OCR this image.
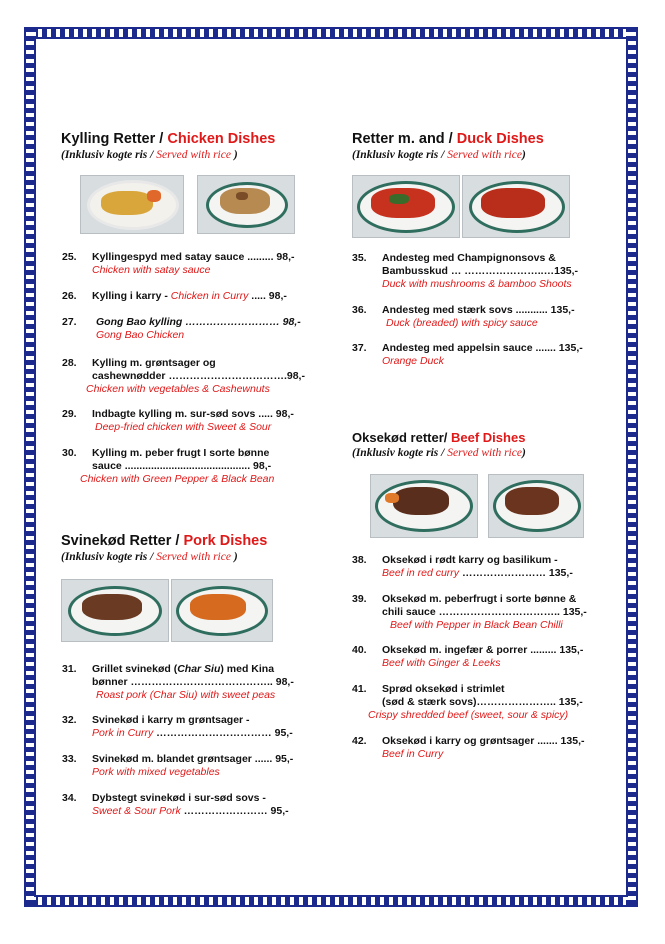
Kylling Retter / Chicken Dishes
(Inklusiv kogte ris / Served with rice )
25. Kyllingespyd med satay sauce ......... 98,-
Chicken with satay sauce
26. Kylling i karry - Chicken in Curry ..... 98,-
27. Gong Bao kylling ……………………… 98,-
Gong Bao Chicken
28. Kylling m. grøntsager og
cashewnødder …………………………….98,-
Chicken with vegetables & Cashewnuts
29. Indbagte kylling m. sur-sød sovs ..... 98,-
Deep-fried chicken with Sweet & Sour
30. Kylling m. peber frugt I sorte bønne
sauce ........................................... 98,-
Chicken with Green Pepper & Black Bean
Svinekød Retter / Pork Dishes
(Inklusiv kogte ris / Served with rice )
31. Grillet svinekød (Char Siu) med Kina
bønner ………………………………….. 98,-
Roast pork (Char Siu) with sweet peas
32. Svinekød i karry m grøntsager -
Pork in Curry …………………………… 95,-
33. Svinekød m. blandet grøntsager ...... 95,-
Pork with mixed vegetables
34. Dybstegt svinekød i sur-sød sovs -
Sweet & Sour Pork …………………… 95,-
Retter m. and / Duck Dishes
(Inklusiv kogte ris / Served with rice)
35. Andesteg med Champignonsovs &
Bambusskud … …………………..…135,-
Duck with mushrooms & bamboo Shoots
36. Andesteg med stærk sovs ........... 135,-
Duck (breaded) with spicy sauce
37. Andesteg med appelsin sauce ....... 135,-
Orange Duck
Oksekød retter/ Beef Dishes
(Inklusiv kogte ris / Served with rice)
38. Oksekød i rødt karry og basilikum -
Beef in red curry …………………… 135,-
39. Oksekød m. peberfrugt i sorte bønne &
chili sauce …………………………….. 135,-
Beef with Pepper in Black Bean Chilli
40. Oksekød m. ingefær & porrer ......... 135,-
Beef with Ginger & Leeks
41. Sprød oksekød i strimlet
(sød & stærk sovs)………………….. 135,-
Crispy shredded beef (sweet, sour & spicy)
42. Oksekød i karry og grøntsager ....... 135,-
Beef in Curry
